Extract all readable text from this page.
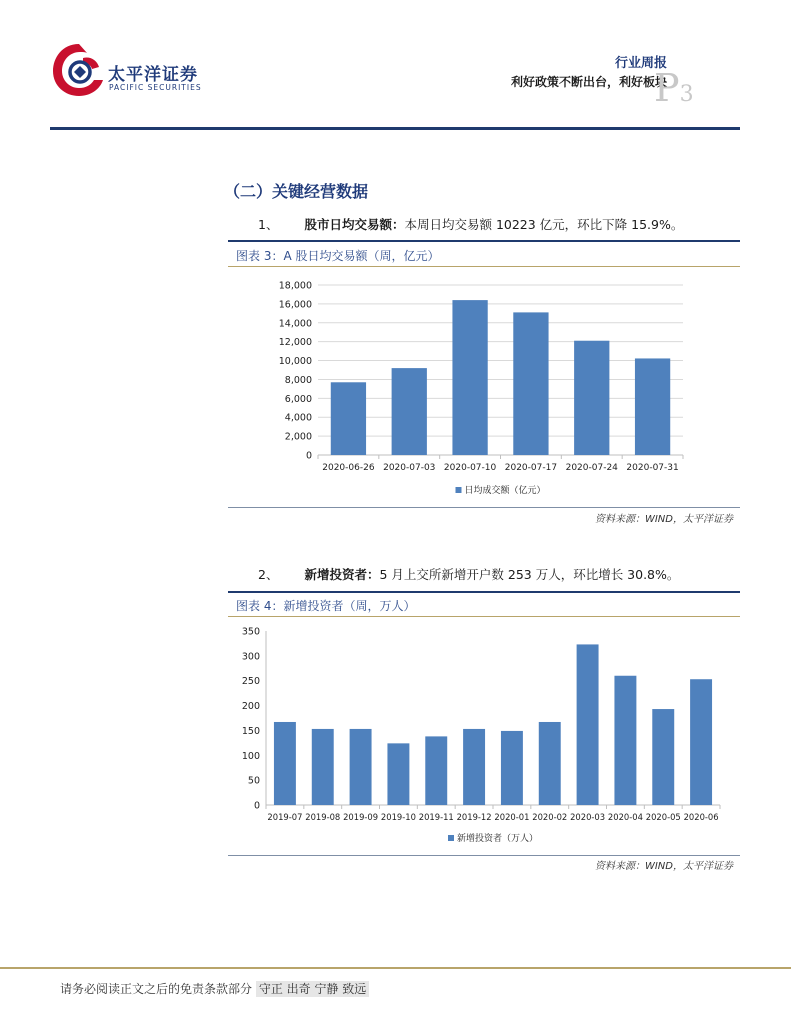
太平洋证券
PACIFIC SECURITIES
行业周报
利好政策不断出台，利好板块
P3
（二）关键经营数据
1、 股市日均交易额：本周日均交易额 10223 亿元，环比下降 15.9%。
图表 3：A 股日均交易额（周，亿元）
0
2,000
4,000
6,000
8,000
10,000
12,000
14,000
16,000
18,000
2020-06-26 2020-07-03 2020-07-10 2020-07-17 2020-07-24 2020-07-31
日均成交额（亿元）
资料来源：WIND，太平洋证券
2、 新增投资者：5 月上交所新增开户数 253 万人，环比增长 30.8%。
图表 4：新增投资者（周，万人）
0
50
100
150
200
250
300
350
2019-07 2019-08 2019-09 2019-10 2019-11 2019-12 2020-01 2020-02 2020-03 2020-04 2020-05 2020-06
新增投资者（万人）
资料来源：WIND，太平洋证券
请务必阅读正文之后的免责条款部分 守正 出奇 宁静 致远
